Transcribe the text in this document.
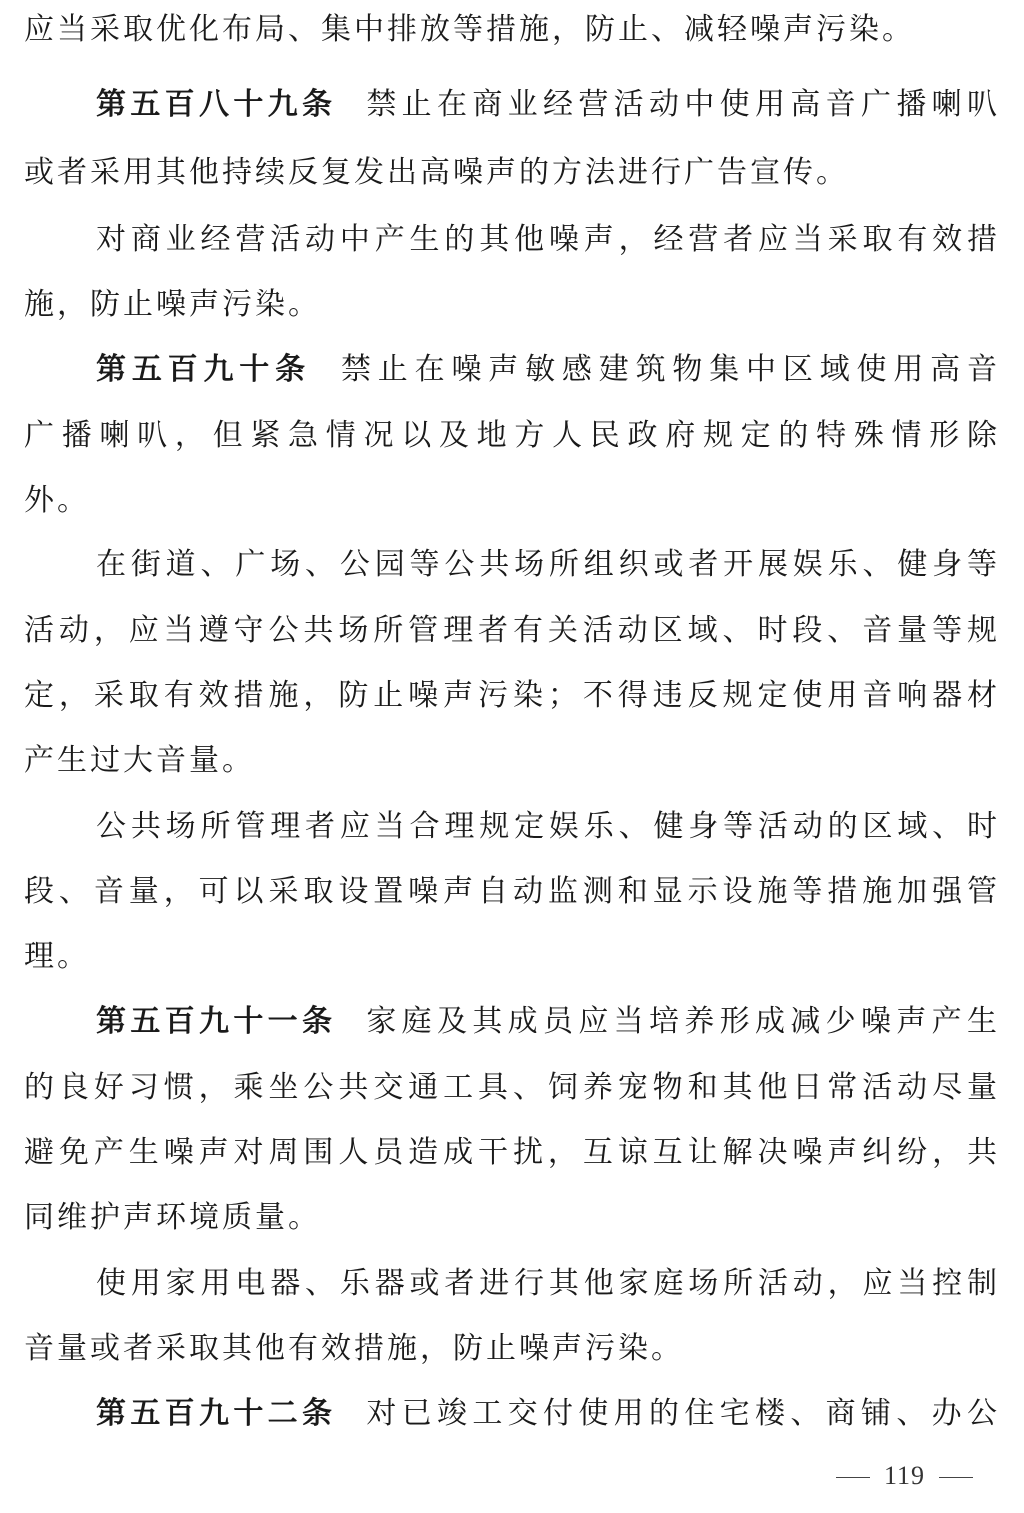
应当采取优化布局、集中排放等措施，防止、减轻噪声污染。
第五百八十九条 禁止在商业经营活动中使用高音广播喇叭
或者采用其他持续反复发出高噪声的方法进行广告宣传。
对商业经营活动中产生的其他噪声，经营者应当采取有效措
施，防止噪声污染。
第五百九十条 禁止在噪声敏感建筑物集中区域使用高音
广播喇叭，但紧急情况以及地方人民政府规定的特殊情形除
外。
在街道、广场、公园等公共场所组织或者开展娱乐、健身等
活动，应当遵守公共场所管理者有关活动区域、时段、音量等规
定，采取有效措施，防止噪声污染；不得违反规定使用音响器材
产生过大音量。
公共场所管理者应当合理规定娱乐、健身等活动的区域、时
段、音量，可以采取设置噪声自动监测和显示设施等措施加强管
理。
第五百九十一条 家庭及其成员应当培养形成减少噪声产生
的良好习惯，乘坐公共交通工具、饲养宠物和其他日常活动尽量
避免产生噪声对周围人员造成干扰，互谅互让解决噪声纠纷，共
同维护声环境质量。
使用家用电器、乐器或者进行其他家庭场所活动，应当控制
音量或者采取其他有效措施，防止噪声污染。
第五百九十二条 对已竣工交付使用的住宅楼、商铺、办公
119
